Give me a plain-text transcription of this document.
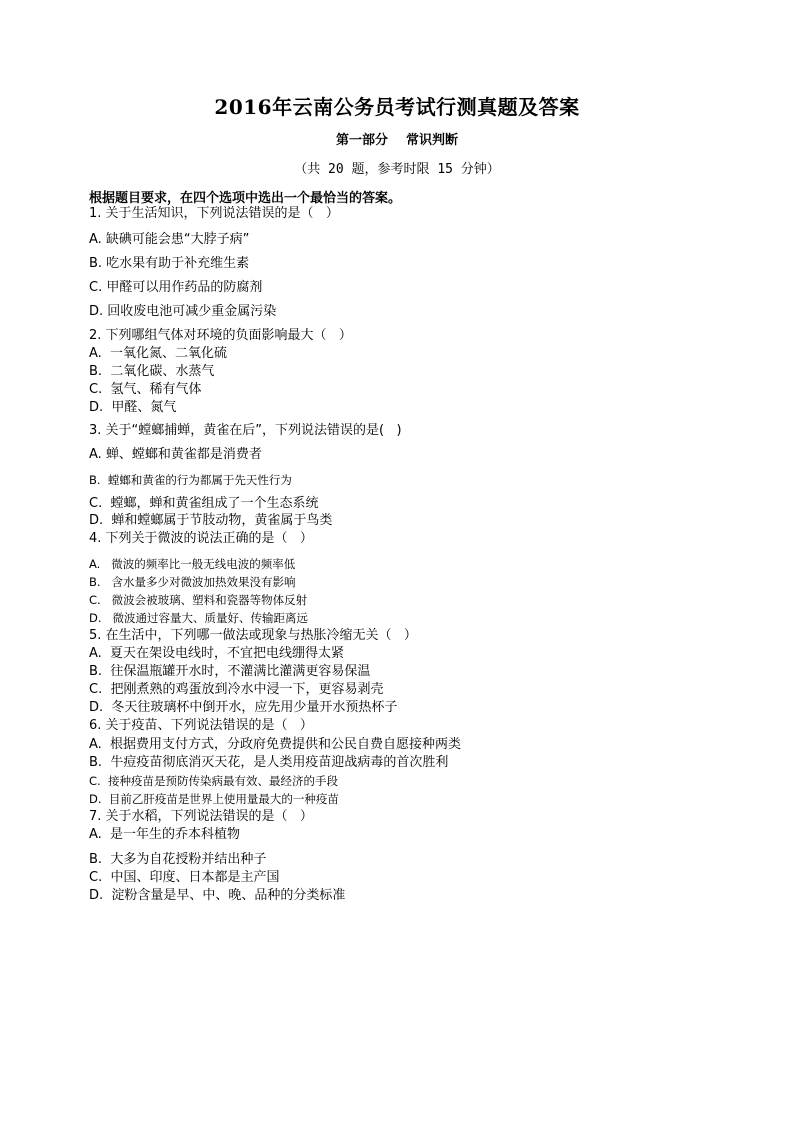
2016年云南公务员考试行测真题及答案
第一部分    常识判断
（共 20 题，参考时限 15 分钟）
根据题目要求，在四个选项中选出一个最恰当的答案。
1. 关于生活知识，下列说法错误的是（   ）
A. 缺碘可能会患“大脖子病”
B. 吃水果有助于补充维生素
C. 甲醛可以用作药品的防腐剂
D. 回收废电池可减少重金属污染
2. 下列哪组气体对环境的负面影响最大（   ）
A.  一氧化氮、二氧化硫
B.  二氧化碳、水蒸气
C.  氢气、稀有气体
D.  甲醛、氮气
3. 关于“螳螂捕蝉，黄雀在后”，下列说法错误的是(   )
A. 蝉、螳螂和黄雀都是消费者
B.  螳螂和黄雀的行为都属于先天性行为
C.  螳螂，蝉和黄雀组成了一个生态系统
D.  蝉和螳螂属于节肢动物，黄雀属于鸟类
4. 下列关于微波的说法正确的是（   ）
A.   微波的频率比一般无线电波的频率低
B.   含水量多少对微波加热效果没有影响
C.   微波会被玻璃、塑料和瓷器等物体反射
D.   微波通过容量大、质量好、传输距离远
5. 在生活中，下列哪一做法或现象与热胀冷缩无关（   ）
A.  夏天在架设电线时，不宜把电线绷得太紧
B.  往保温瓶罐开水时，不灌满比灌满更容易保温
C.  把刚煮熟的鸡蛋放到冷水中浸一下，更容易剥壳
D.  冬天往玻璃杯中倒开水，应先用少量开水预热杯子
6. 关于疫苗、下列说法错误的是（   ）
A.  根据费用支付方式，分政府免费提供和公民自费自愿接种两类
B.  牛痘疫苗彻底消灭天花，是人类用疫苗迎战病毒的首次胜利
C.  接种疫苗是预防传染病最有效、最经济的手段
D.  目前乙肝疫苗是世界上使用量最大的一种疫苗
7. 关于水稻，下列说法错误的是（   ）
A.  是一年生的乔本科植物
B.  大多为自花授粉并结出种子
C.  中国、印度、日本都是主产国
D.  淀粉含量是早、中、晚、品种的分类标准
